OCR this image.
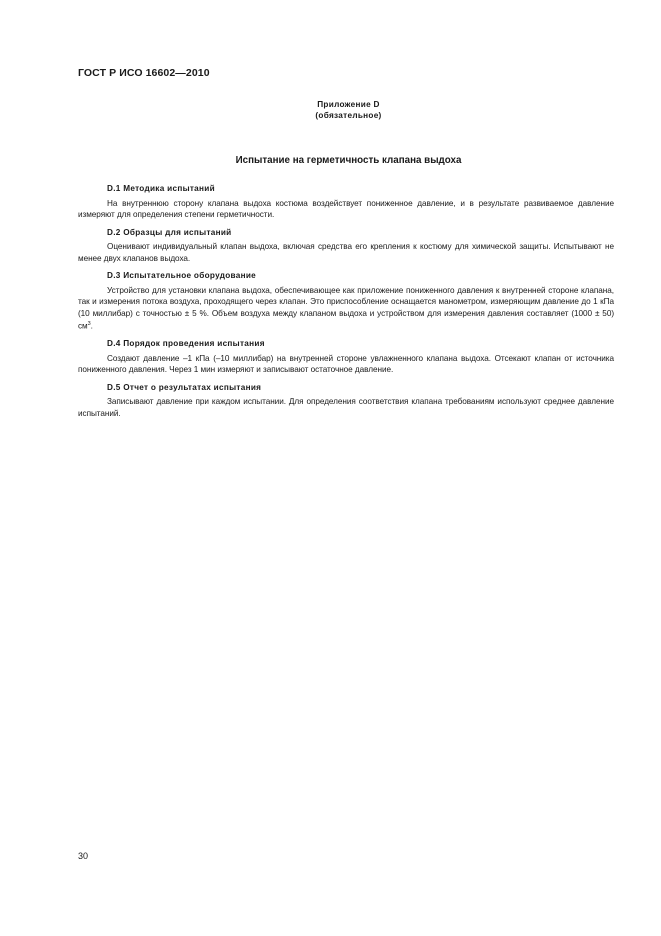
ГОСТ Р ИСО 16602—2010
Приложение D
(обязательное)
Испытание на герметичность клапана выдоха

D.1 Методика испытаний

На внутреннюю сторону клапана выдоха костюма воздействует пониженное давление, и в результате развиваемое давление измеряют для определения степени герметичности.

D.2 Образцы для испытаний

Оценивают индивидуальный клапан выдоха, включая средства его крепления к костюму для химической защиты. Испытывают не менее двух клапанов выдоха.

D.3 Испытательное оборудование

Устройство для установки клапана выдоха, обеспечивающее как приложение пониженного давления к внутренней стороне клапана, так и измерения потока воздуха, проходящего через клапан. Это приспособление оснащается манометром, измеряющим давление до 1 кПа (10 миллибар) с точностью ± 5 %. Объем воздуха между клапаном выдоха и устройством для измерения давления составляет (1000 ± 50) $см^3$.

D.4 Порядок проведения испытания

Создают давление –1 кПа (–10 миллибар) на внутренней стороне увлажненного клапана выдоха. Отсекают клапан от источника пониженного давления. Через 1 мин измеряют и записывают остаточное давление.

D.5 Отчет о результатах испытания

Записывают давление при каждом испытании. Для определения соответствия клапана требованиям используют среднее давление испытаний.

30
